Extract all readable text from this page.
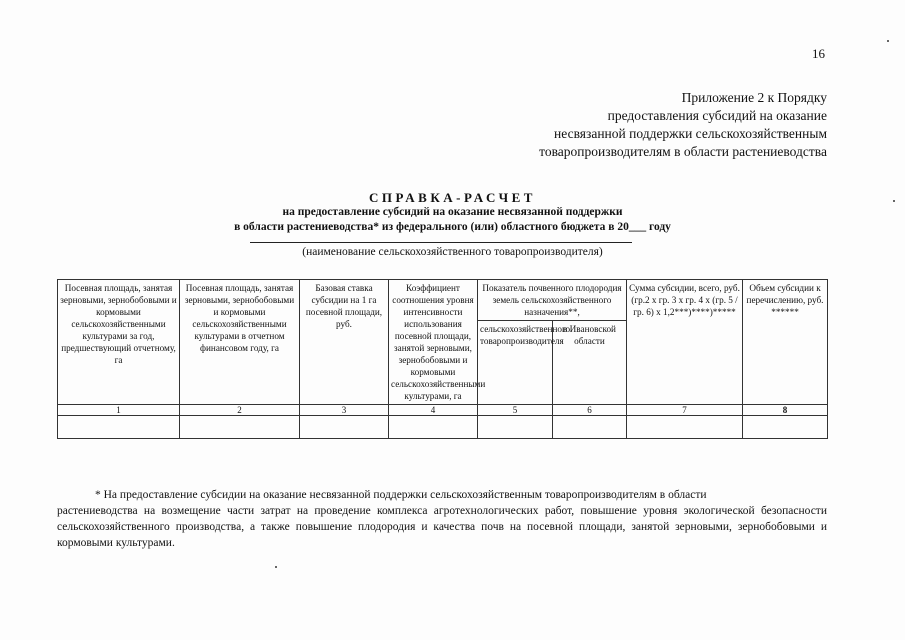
16
Приложение 2 к Порядку
предоставления субсидий на оказание
несвязанной поддержки сельскохозяйственным
товаропроизводителям в области растениеводства
СПРАВКА-РАСЧЕТ
на предоставление субсидий на оказание несвязанной поддержки
в области растениеводства* из федерального (или) областного бюджета в 20___ году
(наименование сельскохозяйственного товаропроизводителя)
Посевная площадь, занятая зерновыми, зернобобовыми и кормовыми сельскохозяйственными культурами за год, предшествующий отчетному, га	Посевная площадь, занятая зерновыми, зернобобовыми и кормовыми сельскохозяйственными культурами в отчетном финансовом году, га	Базовая ставка субсидии на 1 га посевной площади, руб.	Коэффициент соотношения уровня интенсивности использования посевной площади, занятой зерновыми, зернобобовыми и кормовыми сельскохозяйственными культурами, га	Показатель почвенного плодородия земель сельскохозяйственного назначения**,		Сумма субсидии, всего, руб. (гр.2 x гр. 3 x гр. 4 x (гр. 5 / гр. 6) x 1,2***)****)*****	Объем субсидии к перечислению, руб. ******
				сельскохозяйственного товаропроизводителя	в Ивановской области		
1	2	3	4	5	6	7	8

* На предоставление субсидии на оказание несвязанной поддержки сельскохозяйственным товаропроизводителям в области
растениеводства на возмещение части затрат на проведение комплекса агротехнологических работ, повышение уровня экологической безопасности сельскохозяйственного производства, а также повышение плодородия и качества почв на посевной площади, занятой зерновыми, зернобобовыми и кормовыми культурами.
